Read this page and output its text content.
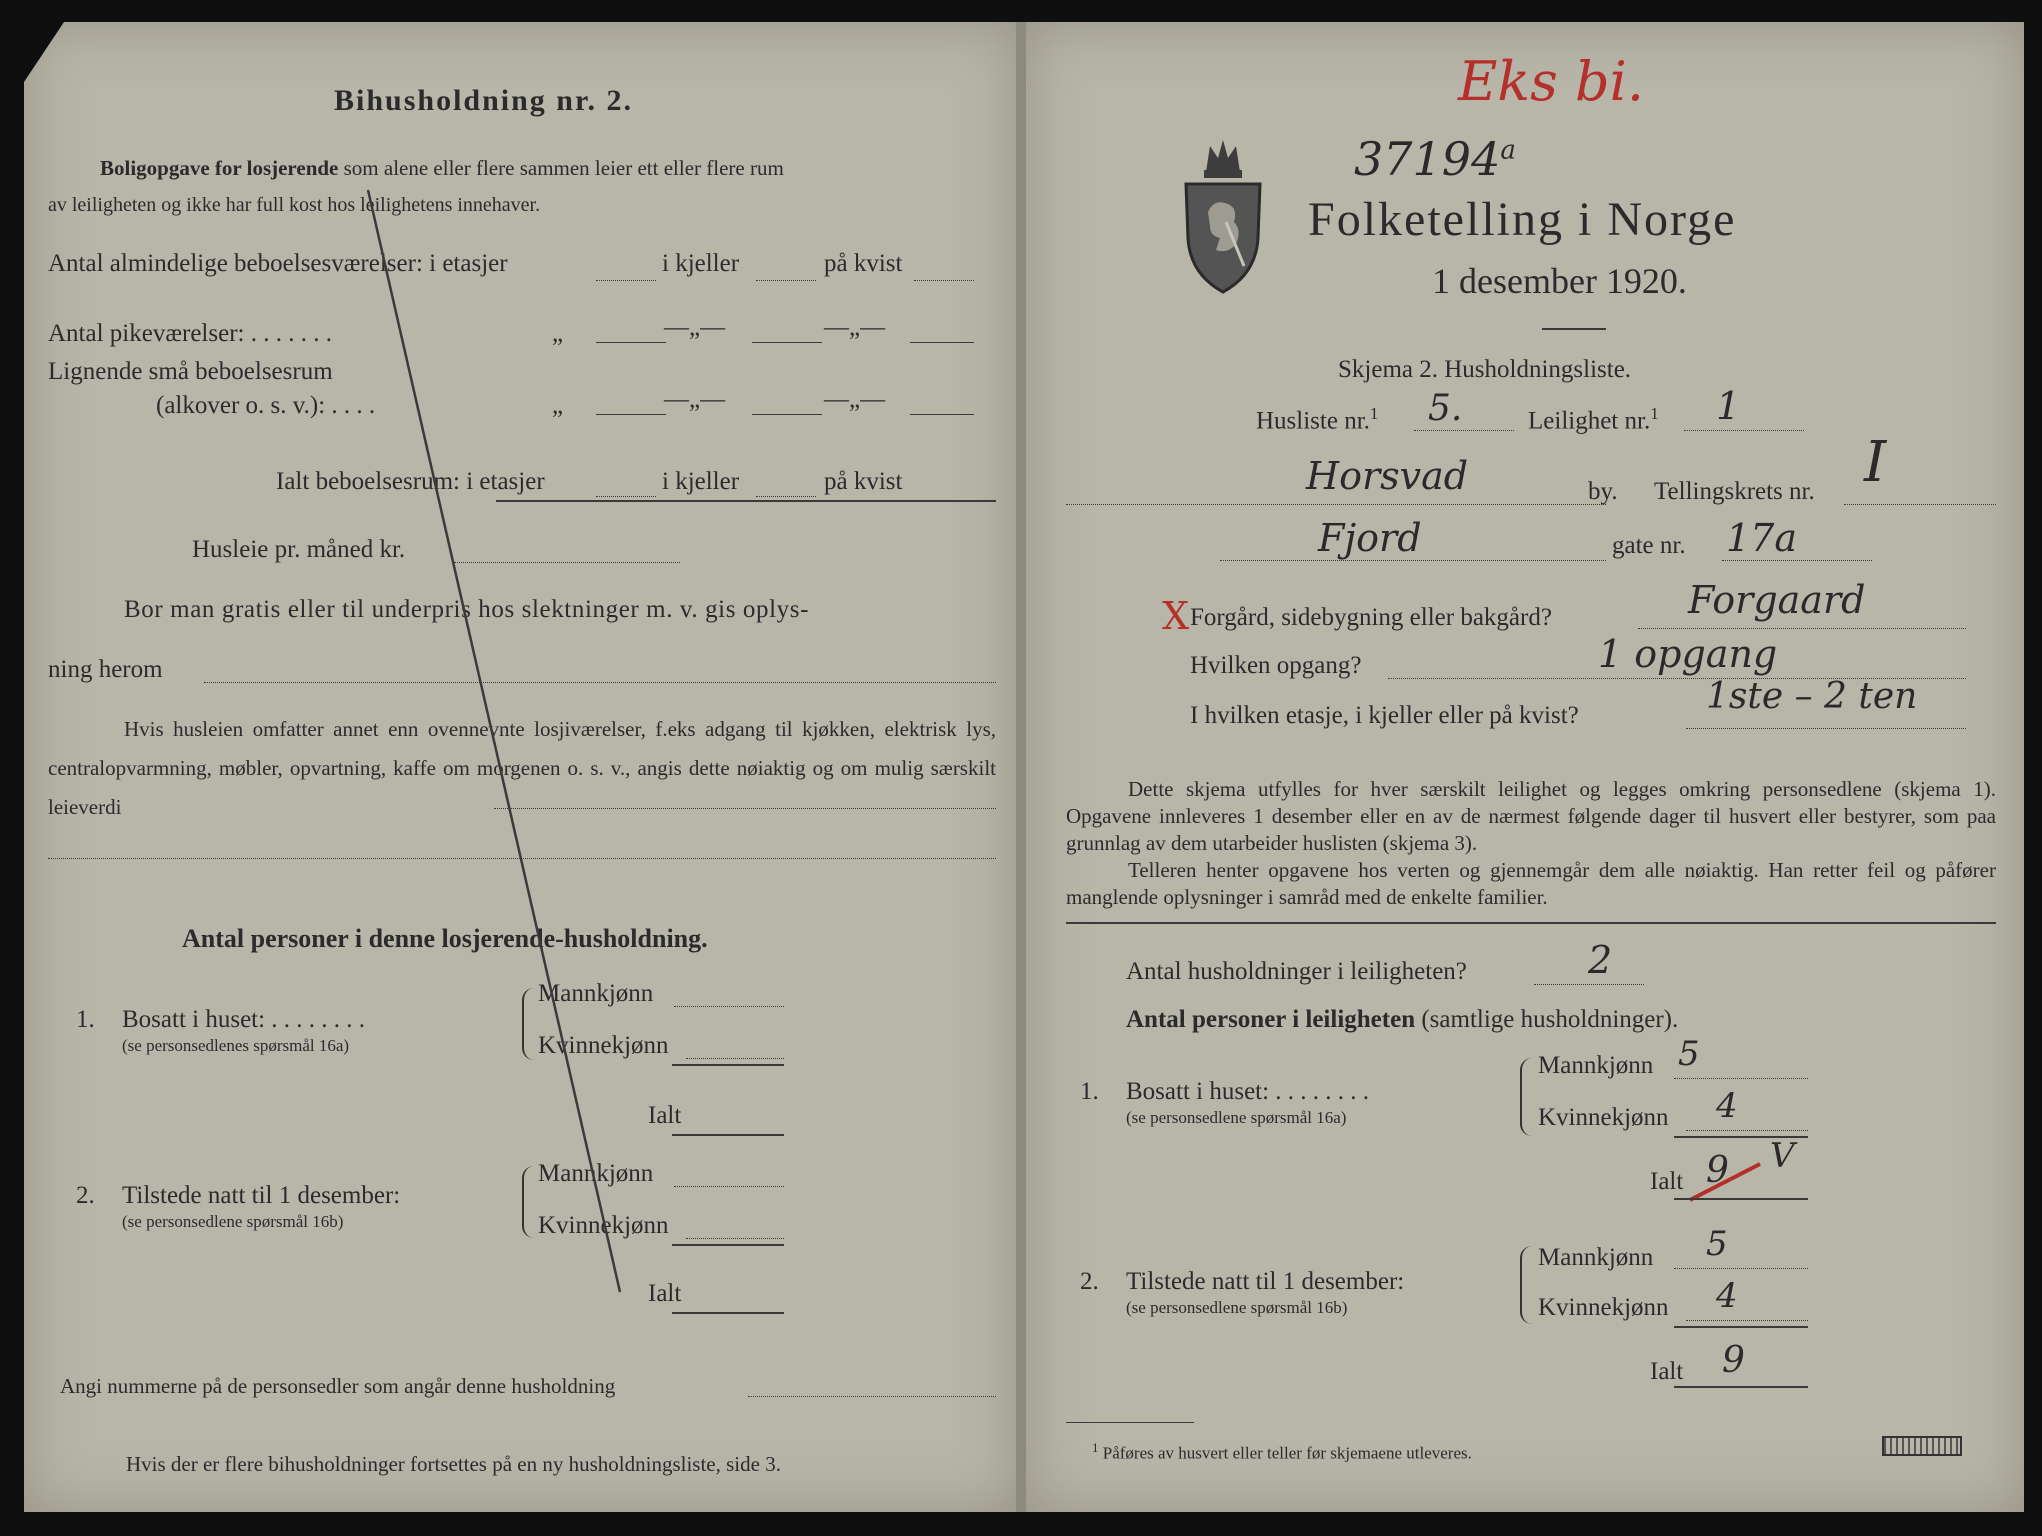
Bihusholdning nr. 2.
Boligopgave for losjerende som alene eller flere sammen leier ett eller flere rum
av leiligheten og ikke har full kost hos leilighetens innehaver.
Antal almindelige beboelsesværelser: i etasjer	i kjeller	på kvist
Antal pikeværelser: . . . . . . .	„	—„—	—„—
Lignende små beboelsesrum
(alkover o. s. v.): . . . .	„	—„—	—„—
Ialt beboelsesrum: i etasjer	i kjeller	på kvist
Husleie pr. måned kr.
Bor man gratis eller til underpris hos slektninger m. v. gis oplys-
ning herom
Hvis husleien omfatter annet enn ovennevnte losjiværelser, f.eks adgang til kjøkken, elektrisk lys, centralopvarmning, møbler, opvartning, kaffe om morgenen o. s. v., angis dette nøiaktig og om mulig særskilt leieverdi
Antal personer i denne losjerende-husholdning.
1. Bosatt i huset: . . . . . . . .
(se personsedlenes spørsmål 16a)
Mannkjønn
Kvinnekjønn
Ialt
2. Tilstede natt til 1 desember:
(se personsedlene spørsmål 16b)
Mannkjønn
Kvinnekjønn
Ialt
Angi nummerne på de personsedler som angår denne husholdning
Hvis der er flere bihusholdninger fortsettes på en ny husholdningsliste, side 3.
Eks bi.
37194$^a$
Folketelling i Norge
1 desember 1920.
Skjema 2. Husholdningsliste.
Husliste nr.$^1$ 5.	Leilighet nr.$^1$ 1
Horsvad	by. Tellingskrets nr. I
Fjord	gate nr. 17a
X Forgård, sidebygning eller bakgård?	Forgaard
Hvilken opgang?	1 opgang
I hvilken etasje, i kjeller eller på kvist?	1ste – 2 ten
Dette skjema utfylles for hver særskilt leilighet og legges omkring personsedlene (skjema 1). Opgavene innleveres 1 desember eller en av de nærmest følgende dager til husvert eller bestyrer, som paa grunnlag av dem utarbeider huslisten (skjema 3).
Telleren henter opgavene hos verten og gjennemgår dem alle nøiaktig. Han retter feil og påfører manglende oplysninger i samråd med de enkelte familier.
Antal husholdninger i leiligheten?	2
Antal personer i leiligheten (samtlige husholdninger).
1. Bosatt i huset: . . . . . . . .
(se personsedlene spørsmål 16a)
Mannkjønn 5
Kvinnekjønn 4
Ialt 9 V
2. Tilstede natt til 1 desember:
(se personsedlene spørsmål 16b)
Mannkjønn 5
Kvinnekjønn 4
Ialt 9
$^1$ Påføres av husvert eller teller før skjemaene utleveres.
